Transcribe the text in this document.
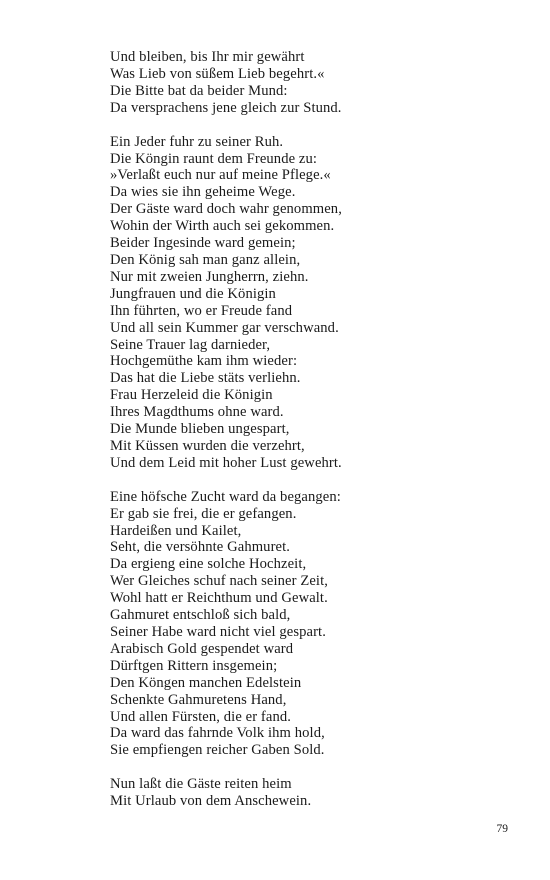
Und bleiben, bis Ihr mir gewährt
Was Lieb von süßem Lieb begehrt.«
Die Bitte bat da beider Mund:
Da versprachens jene gleich zur Stund.
Ein Jeder fuhr zu seiner Ruh.
Die Köngin raunt dem Freunde zu:
»Verlaßt euch nur auf meine Pflege.«
Da wies sie ihn geheime Wege.
Der Gäste ward doch wahr genommen,
Wohin der Wirth auch sei gekommen.
Beider Ingesinde ward gemein;
Den König sah man ganz allein,
Nur mit zweien Jungherrn, ziehn.
Jungfrauen und die Königin
Ihn führten, wo er Freude fand
Und all sein Kummer gar verschwand.
Seine Trauer lag darnieder,
Hochgemüthe kam ihm wieder:
Das hat die Liebe stäts verliehn.
Frau Herzeleid die Königin
Ihres Magdthums ohne ward.
Die Munde blieben ungespart,
Mit Küssen wurden die verzehrt,
Und dem Leid mit hoher Lust gewehrt.
Eine höfsche Zucht ward da begangen:
Er gab sie frei, die er gefangen.
Hardeißen und Kailet,
Seht, die versöhnte Gahmuret.
Da ergieng eine solche Hochzeit,
Wer Gleiches schuf nach seiner Zeit,
Wohl hatt er Reichthum und Gewalt.
Gahmuret entschloß sich bald,
Seiner Habe ward nicht viel gespart.
Arabisch Gold gespendet ward
Dürftgen Rittern insgemein;
Den Köngen manchen Edelstein
Schenkte Gahmuretens Hand,
Und allen Fürsten, die er fand.
Da ward das fahrnde Volk ihm hold,
Sie empfiengen reicher Gaben Sold.
Nun laßt die Gäste reiten heim
Mit Urlaub von dem Anschewein.
79
